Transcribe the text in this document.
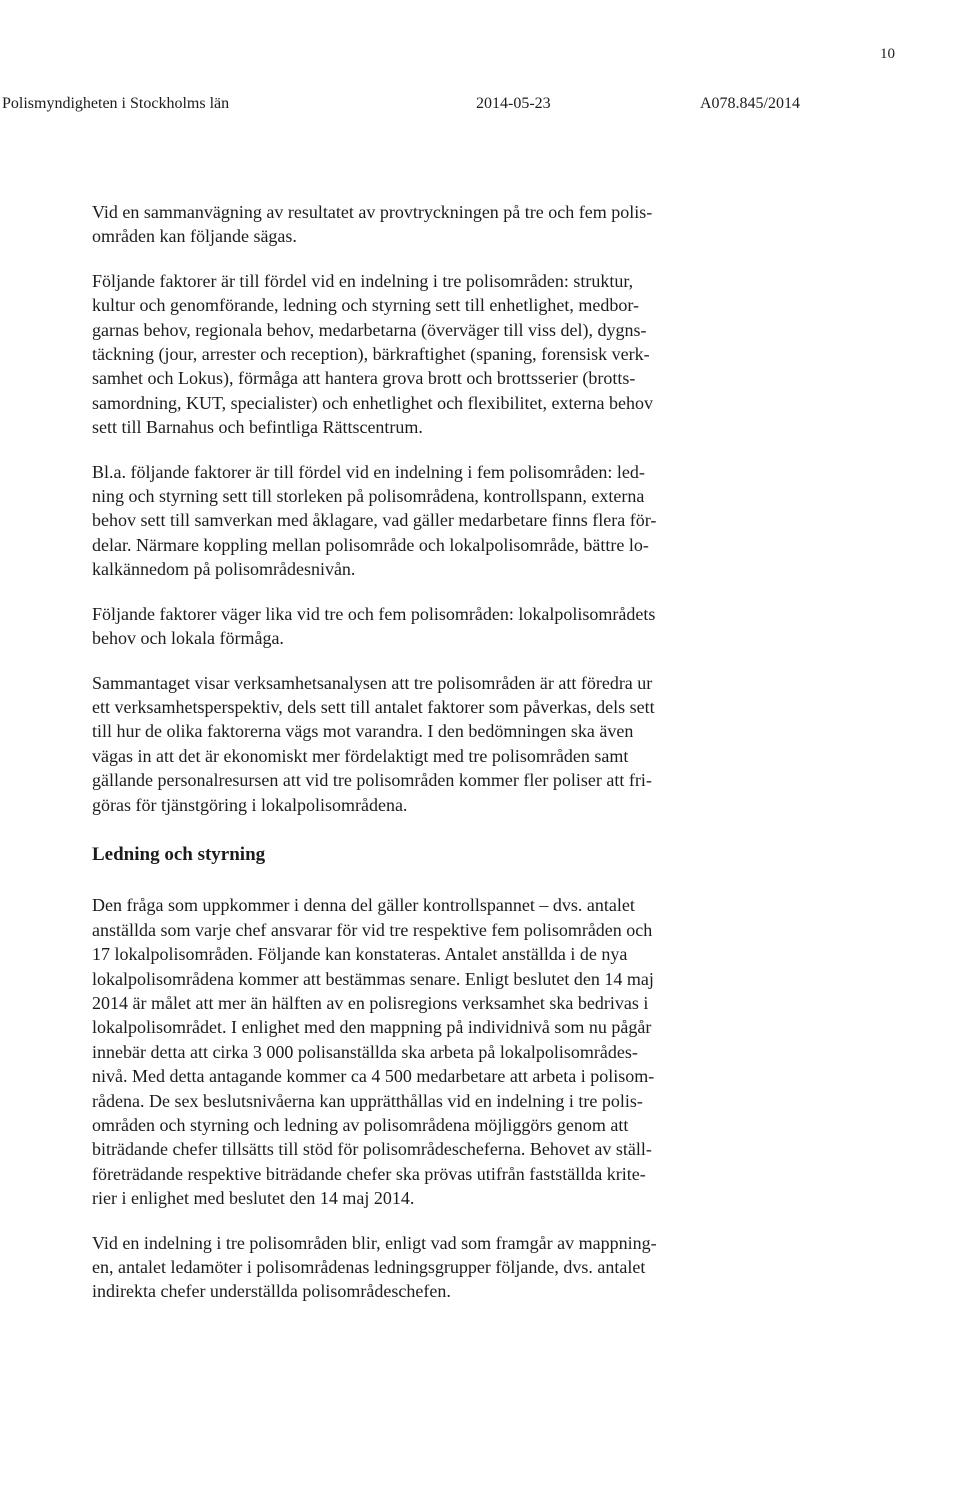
10
Polismyndigheten i Stockholms län	2014-05-23	A078.845/2014

Vid en sammanvägning av resultatet av provtryckningen på tre och fem polis-
områden kan följande sägas.

Följande faktorer är till fördel vid en indelning i tre polisområden: struktur,
kultur och genomförande, ledning och styrning sett till enhetlighet, medbor-
garnas behov, regionala behov, medarbetarna (överväger till viss del), dygns-
täckning (jour, arrester och reception), bärkraftighet (spaning, forensisk verk-
samhet och Lokus), förmåga att hantera grova brott och brottsserier (brotts-
samordning, KUT, specialister) och enhetlighet och flexibilitet, externa behov
sett till Barnahus och befintliga Rättscentrum.

Bl.a. följande faktorer är till fördel vid en indelning i fem polisområden: led-
ning och styrning sett till storleken på polisområdena, kontrollspann, externa
behov sett till samverkan med åklagare, vad gäller medarbetare finns flera för-
delar. Närmare koppling mellan polisområde och lokalpolisområde, bättre lo-
kalkännedom på polisområdesnivån.

Följande faktorer väger lika vid tre och fem polisområden: lokalpolisområdets
behov och lokala förmåga.

Sammantaget visar verksamhetsanalysen att tre polisområden är att föredra ur
ett verksamhetsperspektiv, dels sett till antalet faktorer som påverkas, dels sett
till hur de olika faktorerna vägs mot varandra. I den bedömningen ska även
vägas in att det är ekonomiskt mer fördelaktigt med tre polisområden samt
gällande personalresursen att vid tre polisområden kommer fler poliser att fri-
göras för tjänstgöring i lokalpolisområdena.

Ledning och styrning

Den fråga som uppkommer i denna del gäller kontrollspannet – dvs. antalet
anställda som varje chef ansvarar för vid tre respektive fem polisområden och
17 lokalpolisområden. Följande kan konstateras. Antalet anställda i de nya
lokalpolisområdena kommer att bestämmas senare. Enligt beslutet den 14 maj
2014 är målet att mer än hälften av en polisregions verksamhet ska bedrivas i
lokalpolisområdet. I enlighet med den mappning på individnivå som nu pågår
innebär detta att cirka 3 000 polisanställda ska arbeta på lokalpolisområdes-
nivå. Med detta antagande kommer ca 4 500 medarbetare att arbeta i polisom-
rådena. De sex beslutsnivåerna kan upprätthållas vid en indelning i tre polis-
områden och styrning och ledning av polisområdena möjliggörs genom att
biträdande chefer tillsätts till stöd för polisområdescheferna. Behovet av ställ-
företrädande respektive biträdande chefer ska prövas utifrån fastställda krite-
rier i enlighet med beslutet den 14 maj 2014.

Vid en indelning i tre polisområden blir, enligt vad som framgår av mappning-
en, antalet ledamöter i polisområdenas ledningsgrupper följande, dvs. antalet
indirekta chefer underställda polisområdeschefen.
